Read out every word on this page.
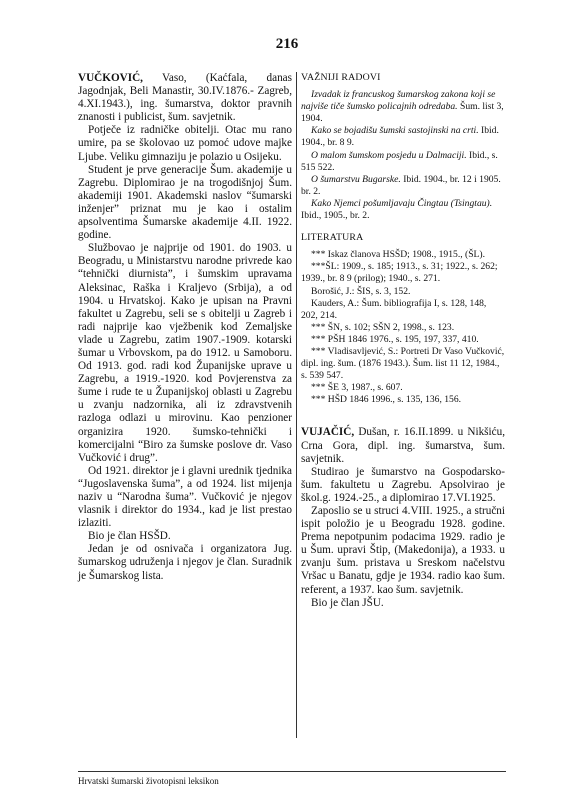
216

VUČKOVIĆ, Vaso, (Kaćfala, danas Jagodnjak, Beli Manastir, 30.IV.1876.- Zagreb, 4.XI.1943.), ing. šumarstva, doktor pravnih znanosti i publicist, šum. savjetnik.

Potječe iz radničke obitelji. Otac mu rano umire, pa se školovao uz pomoć udove majke Ljube. Veliku gimnaziju je polazio u Osijeku.

Student je prve generacije Šum. akademije u Zagrebu. Diplomirao je na trogodišnjoj Šum. akademiji 1901. Akademski naslov “šumarski inženjer” priznat mu je kao i ostalim apsolventima Šumarske akademije 4.II. 1922. godine.

Službovao je najprije od 1901. do 1903. u Beogradu, u Ministarstvu narodne privrede kao “tehnički diurnista”, i šumskim upravama Aleksinac, Raška i Kraljevo (Srbija), a od 1904. u Hrvatskoj. Kako je upisan na Pravni fakultet u Zagrebu, seli se s obitelji u Zagreb i radi najprije kao vježbenik kod Zemaljske vlade u Zagrebu, zatim 1907.-1909. kotarski šumar u Vrbovskom, pa do 1912. u Samoboru. Od 1913. god. radi kod Županijske uprave u Zagrebu, a 1919.-1920. kod Povjerenstva za šume i rude te u Županijskoj oblasti u Zagrebu u zvanju nadzornika, ali iz zdravstvenih razloga odlazi u mirovinu. Kao penzioner organizira 1920. šumsko-tehnički i komercijalni “Biro za šumske poslove dr. Vaso Vučković i drug”.

Od 1921. direktor je i glavni urednik tjednika “Jugoslavenska šuma”, a od 1924. list mijenja naziv u “Narodna šuma”. Vučković je njegov vlasnik i direktor do 1934., kad je list prestao izlaziti.

Bio je član HSŠD.

Jedan je od osnivača i organizatora Jug. šumarskog udruženja i njegov je član. Suradnik je Šumarskog lista.

VAŽNIJI RADOVI

Izvadak iz francuskog šumarskog zakona koji se najviše tiče šumsko policajnih odredaba. Šum. list 3, 1904.

Kako se bojadišu šumski sastojinski na crti. Ibid. 1904., br. 8 9.

O malom šumskom posjedu u Dalmaciji. Ibid., s. 515 522.

O šumarstvu Bugarske. Ibid. 1904., br. 12 i 1905. br. 2.

Kako Njemci pošumljavaju Čingtau (Tsingtau). Ibid., 1905., br. 2.

LITERATURA

*** Iskaz članova HSŠD; 1908., 1915., (ŠL).

***ŠL: 1909., s. 185; 1913., s. 31; 1922., s. 262; 1939., br. 8 9 (prilog); 1940., s. 271.

Borošić, J.: ŠIS, s. 3, 152.

Kauders, A.: Šum. bibliografija I, s. 128, 148, 202, 214.

*** ŠN, s. 102; SŠN 2, 1998., s. 123.

*** PŠH 1846 1976., s. 195, 197, 337, 410.

*** Vladisavljević, S.: Portreti Dr Vaso Vučković, dipl. ing. šum. (1876 1943.). Šum. list 11 12, 1984., s. 539 547.

*** ŠE 3, 1987., s. 607.

*** HŠD 1846 1996., s. 135, 136, 156.

VUJAČIĆ, Dušan, r. 16.II.1899. u Nikšiću, Crna Gora, dipl. ing. šumarstva, šum. savjetnik.

Studirao je šumarstvo na Gospodarsko-šum. fakultetu u Zagrebu. Apsolvirao je škol.g. 1924.-25., a diplomirao 17.VI.1925.

Zaposlio se u struci 4.VIII. 1925., a stručni ispit položio je u Beogradu 1928. godine. Prema nepotpunim podacima 1929. radio je u Šum. upravi Štip, (Makedonija), a 1933. u zvanju šum. pristava u Sreskom načelstvu Vršac u Banatu, gdje je 1934. radio kao šum. referent, a 1937. kao šum. savjetnik.

Bio je član JŠU.

Hrvatski šumarski životopisni leksikon
